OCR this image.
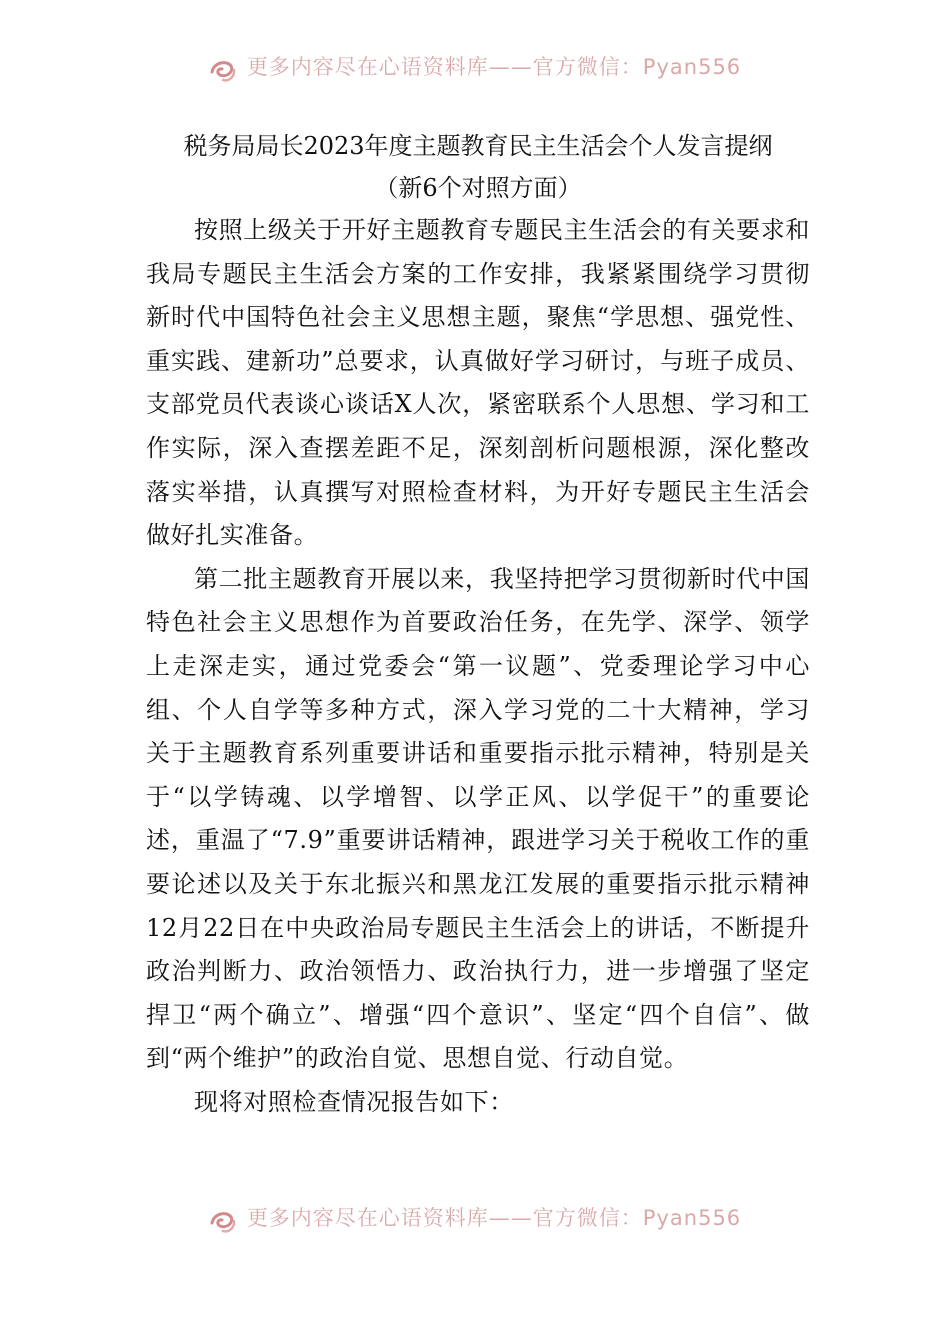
更多内容尽在心语资料库——官方微信：Pyan556
税务局局长2023年度主题教育民主生活会个人发言提纲
（新6个对照方面）

按照上级关于开好主题教育专题民主生活会的有关要求和我局专题民主生活会方案的工作安排，我紧紧围绕学习贯彻新时代中国特色社会主义思想主题，聚焦“学思想、强党性、重实践、建新功”总要求，认真做好学习研讨，与班子成员、支部党员代表谈心谈话X人次，紧密联系个人思想、学习和工作实际，深入查摆差距不足，深刻剖析问题根源，深化整改落实举措，认真撰写对照检查材料，为开好专题民主生活会做好扎实准备。

第二批主题教育开展以来，我坚持把学习贯彻新时代中国特色社会主义思想作为首要政治任务，在先学、深学、领学上走深走实，通过党委会“第一议题”、党委理论学习中心组、个人自学等多种方式，深入学习党的二十大精神，学习关于主题教育系列重要讲话和重要指示批示精神，特别是关于“以学铸魂、以学增智、以学正风、以学促干”的重要论述，重温了“7.9”重要讲话精神，跟进学习关于税收工作的重要论述以及关于东北振兴和黑龙江发展的重要指示批示精神12月22日在中央政治局专题民主生活会上的讲话，不断提升政治判断力、政治领悟力、政治执行力，进一步增强了坚定捍卫“两个确立”、增强“四个意识”、坚定“四个自信”、做到“两个维护”的政治自觉、思想自觉、行动自觉。

现将对照检查情况报告如下：

更多内容尽在心语资料库——官方微信：Pyan556
